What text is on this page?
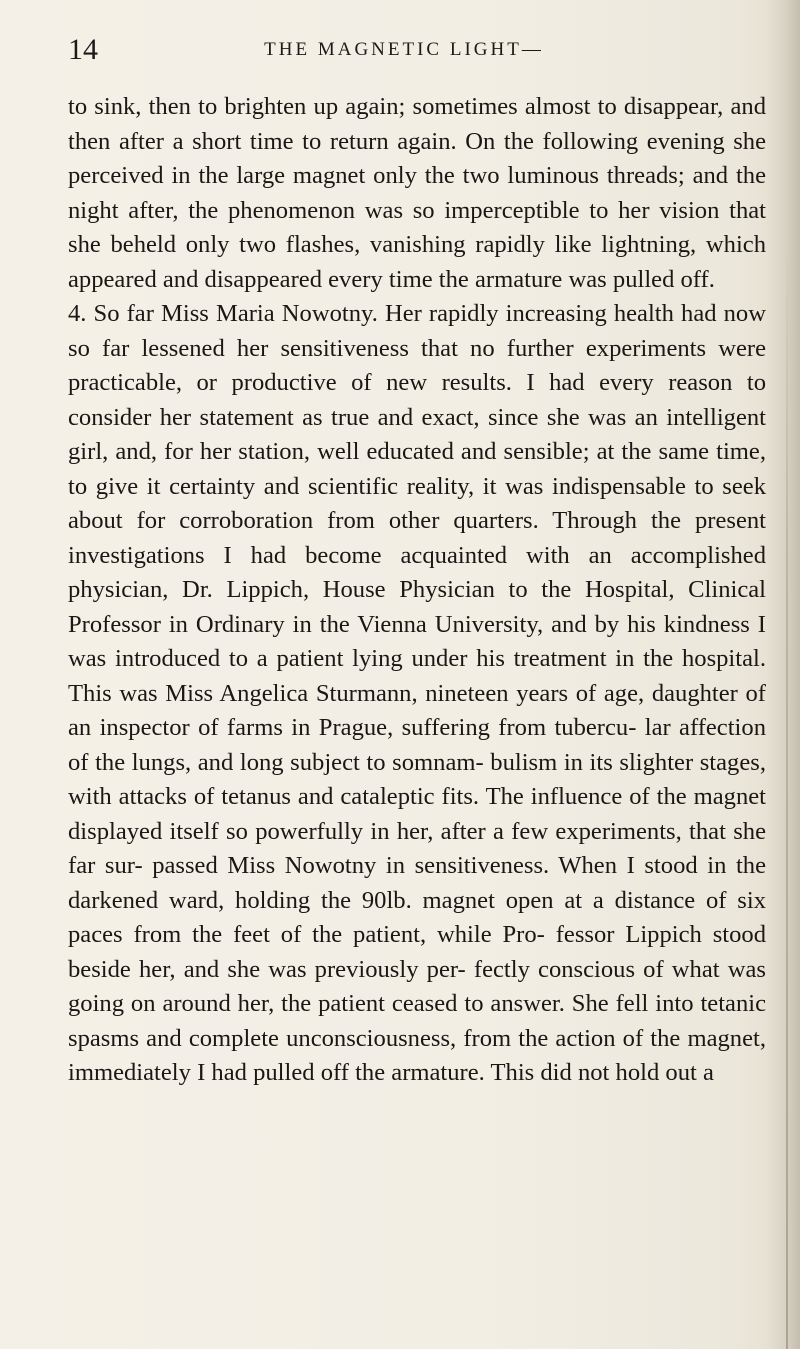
14	THE MAGNETIC LIGHT—

to sink, then to brighten up again; sometimes almost to disappear, and then after a short time to return again. On the following evening she perceived in the large magnet only the two luminous threads; and the night after, the phenomenon was so imperceptible to her vision that she beheld only two flashes, vanishing rapidly like lightning, which appeared and disappeared every time the armature was pulled off.

4. So far Miss Maria Nowotny. Her rapidly increasing health had now so far lessened her sensitiveness that no further experiments were practicable, or productive of new results. I had every reason to consider her statement as true and exact, since she was an intelligent girl, and, for her station, well educated and sensible; at the same time, to give it certainty and scientific reality, it was indispensable to seek about for corroboration from other quarters. Through the present investigations I had become acquainted with an accomplished physician, Dr. Lippich, House Physician to the Hospital, Clinical Professor in Ordinary in the Vienna University, and by his kindness I was introduced to a patient lying under his treatment in the hospital. This was Miss Angelica Sturmann, nineteen years of age, daughter of an inspector of farms in Prague, suffering from tubercu- lar affection of the lungs, and long subject to somnam- bulism in its slighter stages, with attacks of tetanus and cataleptic fits. The influence of the magnet displayed itself so powerfully in her, after a few experiments, that she far sur- passed Miss Nowotny in sensitiveness. When I stood in the darkened ward, holding the 90lb. magnet open at a distance of six paces from the feet of the patient, while Pro- fessor Lippich stood beside her, and she was previously per- fectly conscious of what was going on around her, the patient ceased to answer. She fell into tetanic spasms and complete unconsciousness, from the action of the magnet, immediately I had pulled off the armature. This did not hold out a
